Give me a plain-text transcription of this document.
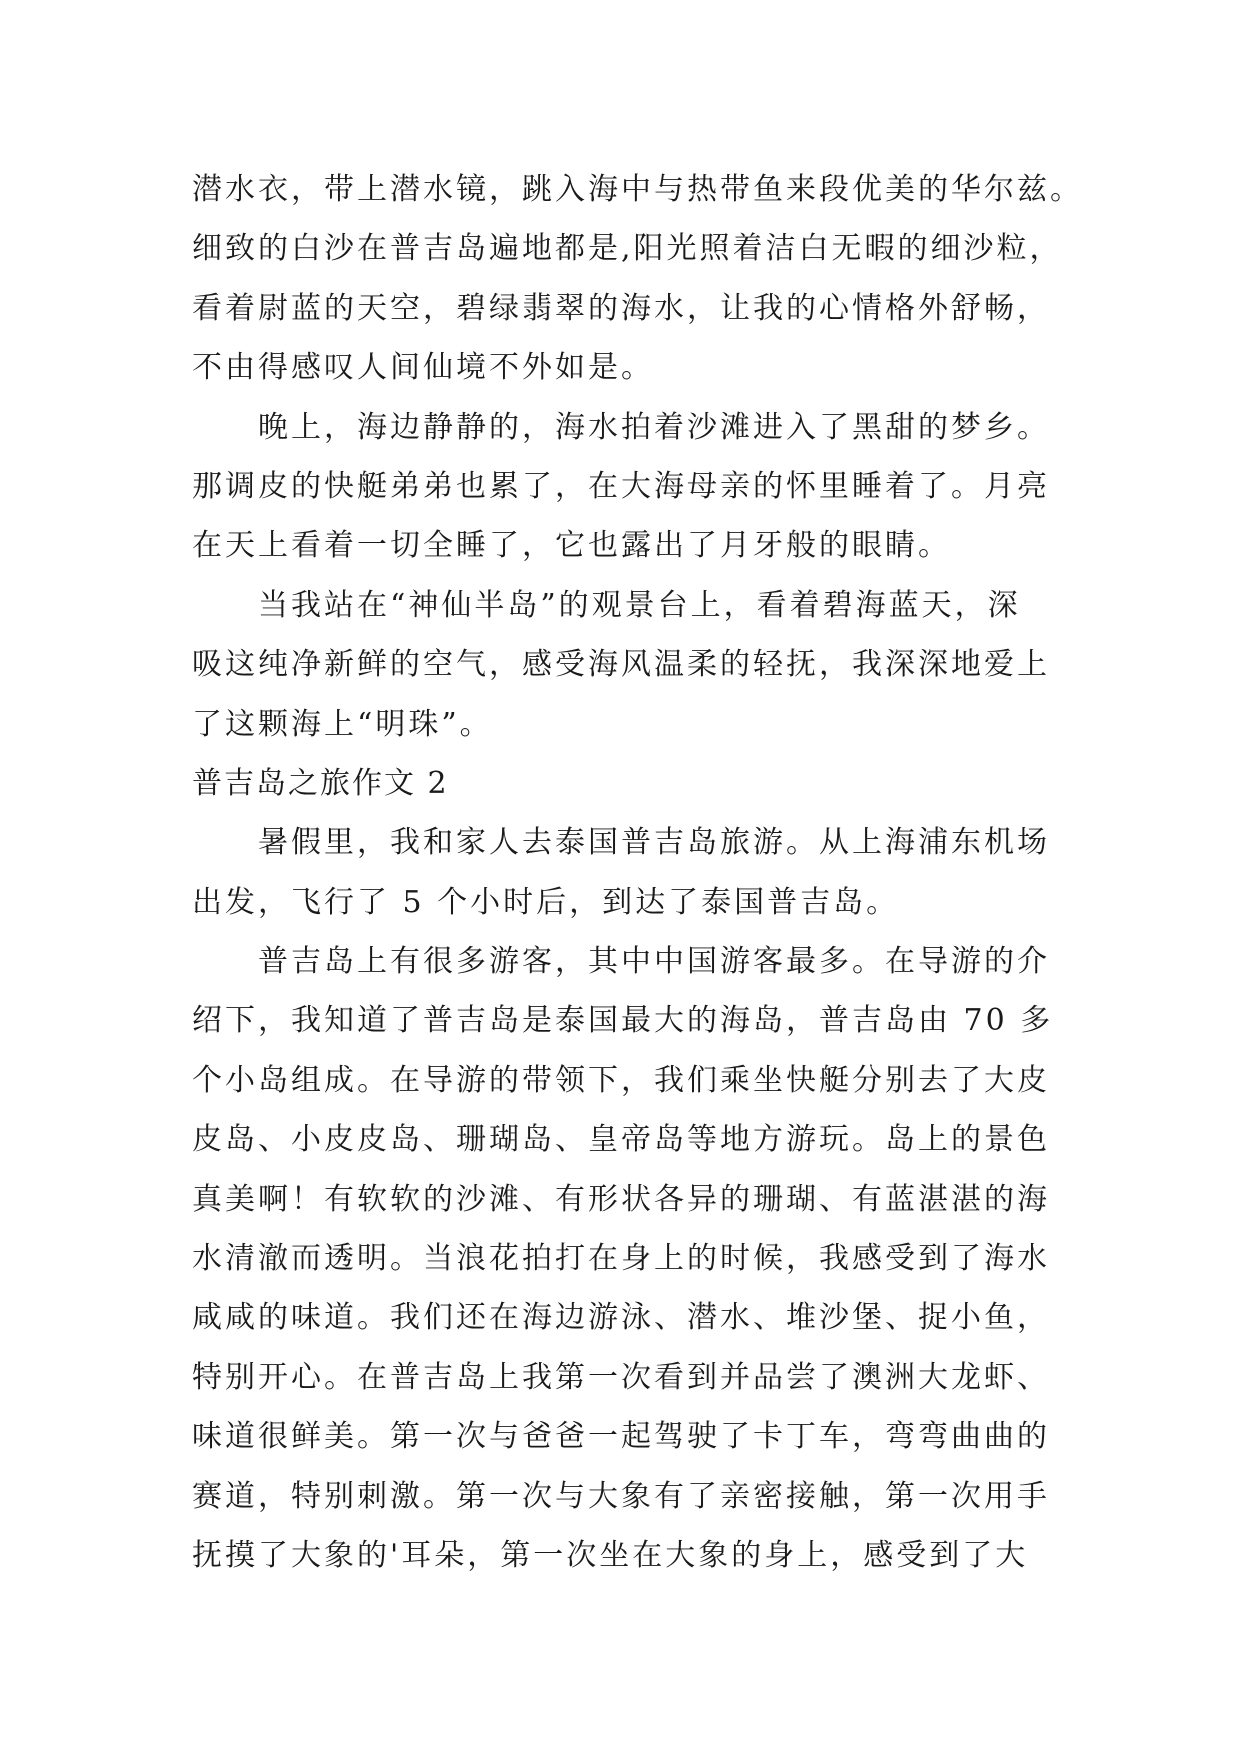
潜水衣，带上潜水镜，跳入海中与热带鱼来段优美的华尔兹。
细致的白沙在普吉岛遍地都是,阳光照着洁白无暇的细沙粒，
看着尉蓝的天空，碧绿翡翠的海水，让我的心情格外舒畅，
不由得感叹人间仙境不外如是。
晚上，海边静静的，海水拍着沙滩进入了黑甜的梦乡。
那调皮的快艇弟弟也累了，在大海母亲的怀里睡着了。月亮
在天上看着一切全睡了，它也露出了月牙般的眼睛。
当我站在“神仙半岛”的观景台上，看着碧海蓝天，深
吸这纯净新鲜的空气，感受海风温柔的轻抚，我深深地爱上
了这颗海上“明珠”。
普吉岛之旅作文 2
暑假里，我和家人去泰国普吉岛旅游。从上海浦东机场
出发，飞行了 5 个小时后，到达了泰国普吉岛。
普吉岛上有很多游客，其中中国游客最多。在导游的介
绍下，我知道了普吉岛是泰国最大的海岛，普吉岛由 70 多
个小岛组成。在导游的带领下，我们乘坐快艇分别去了大皮
皮岛、小皮皮岛、珊瑚岛、皇帝岛等地方游玩。岛上的景色
真美啊！有软软的沙滩、有形状各异的珊瑚、有蓝湛湛的海
水清澈而透明。当浪花拍打在身上的时候，我感受到了海水
咸咸的味道。我们还在海边游泳、潜水、堆沙堡、捉小鱼，
特别开心。在普吉岛上我第一次看到并品尝了澳洲大龙虾、
味道很鲜美。第一次与爸爸一起驾驶了卡丁车，弯弯曲曲的
赛道，特别刺激。第一次与大象有了亲密接触，第一次用手
抚摸了大象的'耳朵，第一次坐在大象的身上，感受到了大
